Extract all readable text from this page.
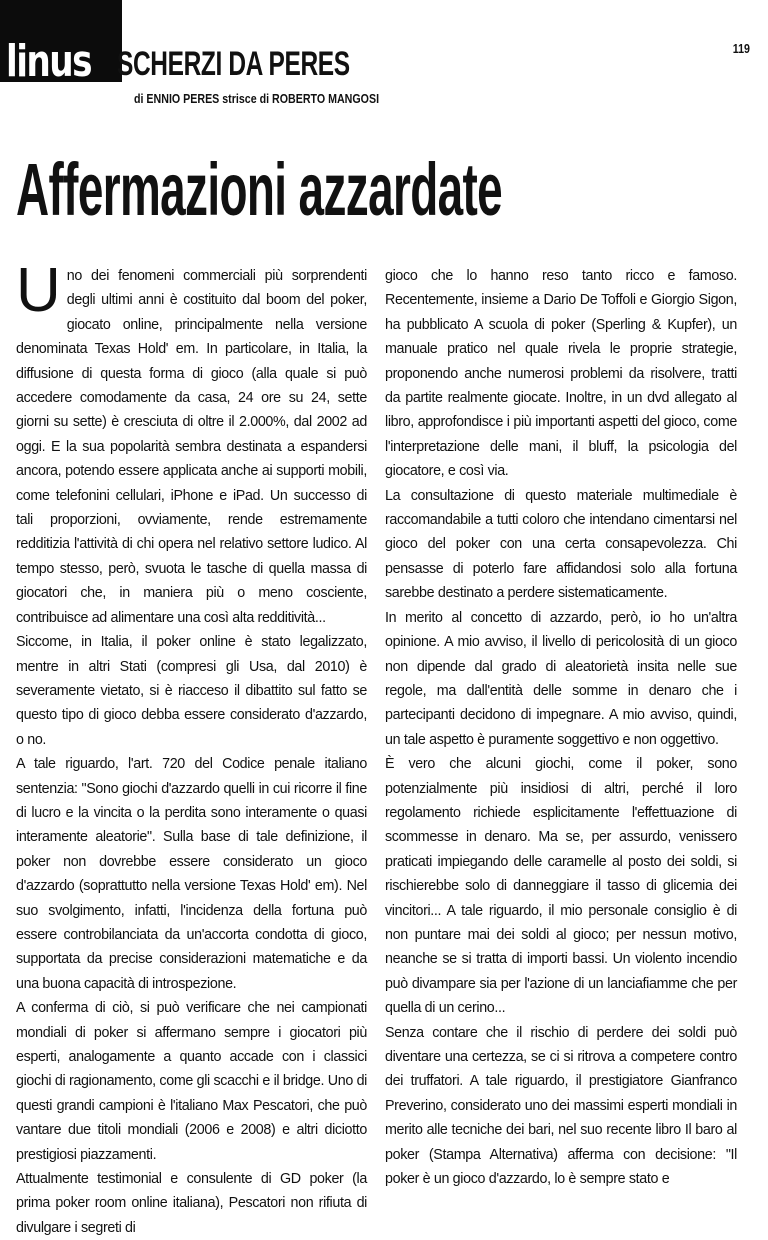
linus SCHERZI DA PERES
di ENNIO PERES strisce di ROBERTO MANGOSI
119
Affermazioni azzardate
U no dei fenomeni commerciali più sorprendenti degli ultimi anni è costituito dal boom del poker, giocato online, principalmente nella versione denominata Texas Hold' em. In particolare, in Italia, la diffusione di questa forma di gioco (alla quale si può accedere comodamente da casa, 24 ore su 24, sette giorni su sette) è cresciuta di oltre il 2.000%, dal 2002 ad oggi. E la sua popolarità sembra destinata a espandersi ancora, potendo essere applicata anche ai supporti mobili, come telefonini cellulari, iPhone e iPad. Un successo di tali proporzioni, ovviamente, rende estremamente redditizia l'attività di chi opera nel relativo settore ludico. Al tempo stesso, però, svuota le tasche di quella massa di giocatori che, in maniera più o meno cosciente, contribuisce ad alimentare una così alta redditività...

Siccome, in Italia, il poker online è stato legalizzato, mentre in altri Stati (compresi gli Usa, dal 2010) è severamente vietato, si è riacceso il dibattito sul fatto se questo tipo di gioco debba essere considerato d'azzardo, o no.

A tale riguardo, l'art. 720 del Codice penale italiano sentenzia: "Sono giochi d'azzardo quelli in cui ricorre il fine di lucro e la vincita o la perdita sono interamente o quasi interamente aleatorie". Sulla base di tale definizione, il poker non dovrebbe essere considerato un gioco d'azzardo (soprattutto nella versione Texas Hold' em). Nel suo svolgimento, infatti, l'incidenza della fortuna può essere controbilanciata da un'accorta condotta di gioco, supportata da precise considerazioni matematiche e da una buona capacità di introspezione.

A conferma di ciò, si può verificare che nei campionati mondiali di poker si affermano sempre i giocatori più esperti, analogamente a quanto accade con i classici giochi di ragionamento, come gli scacchi e il bridge. Uno di questi grandi campioni è l'italiano Max Pescatori, che può vantare due titoli mondiali (2006 e 2008) e altri diciotto prestigiosi piazzamenti.

Attualmente testimonial e consulente di GD poker (la prima poker room online italiana), Pescatori non rifiuta di divulgare i segreti di

gioco che lo hanno reso tanto ricco e famoso. Recentemente, insieme a Dario De Toffoli e Giorgio Sigon, ha pubblicato A scuola di poker (Sperling & Kupfer), un manuale pratico nel quale rivela le proprie strategie, proponendo anche numerosi problemi da risolvere, tratti da partite realmente giocate. Inoltre, in un dvd allegato al libro, approfondisce i più importanti aspetti del gioco, come l'interpretazione delle mani, il bluff, la psicologia del giocatore, e così via.

La consultazione di questo materiale multimediale è raccomandabile a tutti coloro che intendano cimentarsi nel gioco del poker con una certa consapevolezza. Chi pensasse di poterlo fare affidandosi solo alla fortuna sarebbe destinato a perdere sistematicamente.

In merito al concetto di azzardo, però, io ho un'altra opinione. A mio avviso, il livello di pericolosità di un gioco non dipende dal grado di aleatorietà insita nelle sue regole, ma dall'entità delle somme in denaro che i partecipanti decidono di impegnare. A mio avviso, quindi, un tale aspetto è puramente soggettivo e non oggettivo.

È vero che alcuni giochi, come il poker, sono potenzialmente più insidiosi di altri, perché il loro regolamento richiede esplicitamente l'effettuazione di scommesse in denaro. Ma se, per assurdo, venissero praticati impiegando delle caramelle al posto dei soldi, si rischierebbe solo di danneggiare il tasso di glicemia dei vincitori... A tale riguardo, il mio personale consiglio è di non puntare mai dei soldi al gioco; per nessun motivo, neanche se si tratta di importi bassi. Un violento incendio può divampare sia per l'azione di un lanciafiamme che per quella di un cerino...

Senza contare che il rischio di perdere dei soldi può diventare una certezza, se ci si ritrova a competere contro dei truffatori. A tale riguardo, il prestigiatore Gianfranco Preverino, considerato uno dei massimi esperti mondiali in merito alle tecniche dei bari, nel suo recente libro Il baro al poker (Stampa Alternativa) afferma con decisione: "Il poker è un gioco d'azzardo, lo è sempre stato e
